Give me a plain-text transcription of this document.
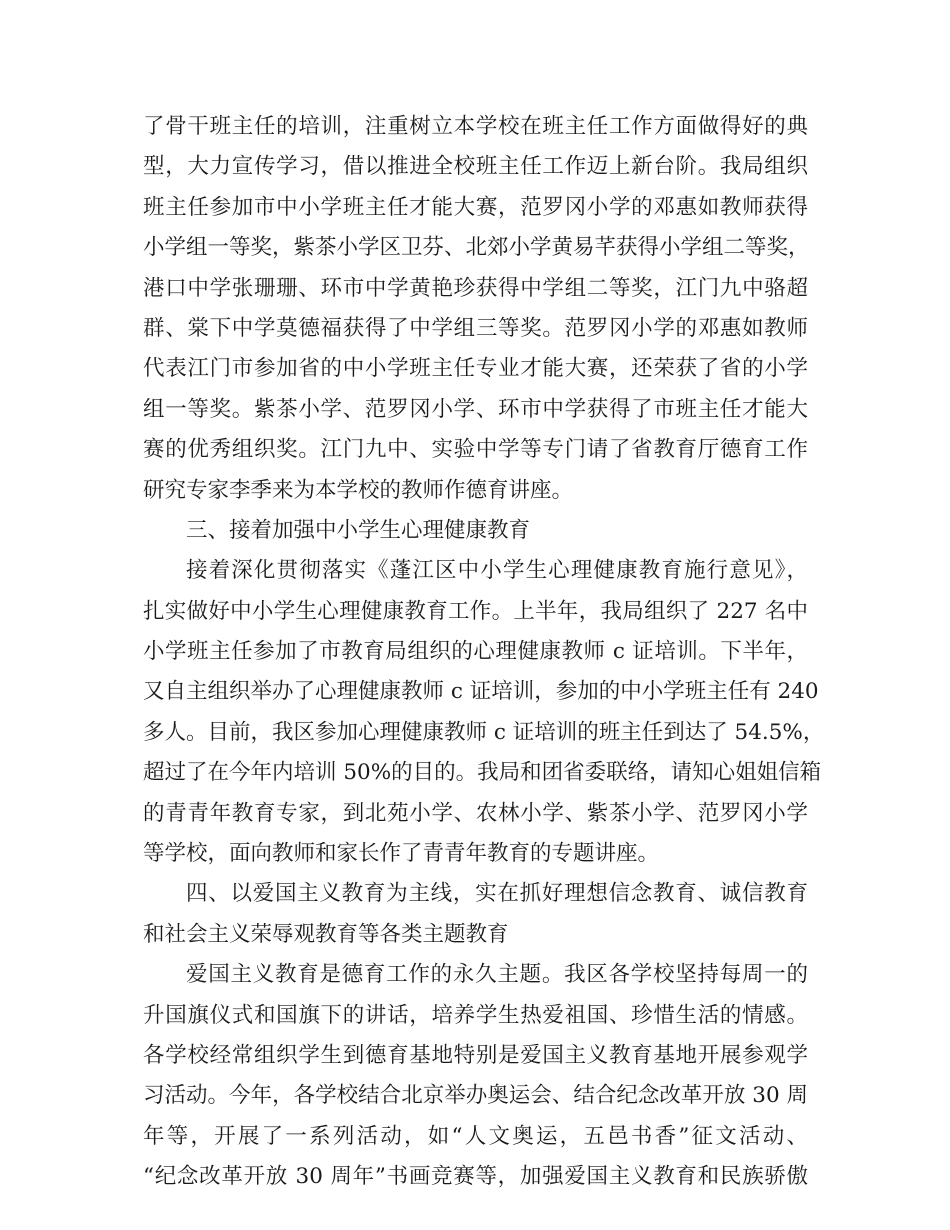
了骨干班主任的培训，注重树立本学校在班主任工作方面做得好的典
型，大力宣传学习，借以推进全校班主任工作迈上新台阶。我局组织
班主任参加市中小学班主任才能大赛，范罗冈小学的邓惠如教师获得
小学组一等奖，紫茶小学区卫芬、北郊小学黄易芊获得小学组二等奖，
港口中学张珊珊、环市中学黄艳珍获得中学组二等奖，江门九中骆超
群、棠下中学莫德福获得了中学组三等奖。范罗冈小学的邓惠如教师
代表江门市参加省的中小学班主任专业才能大赛，还荣获了省的小学
组一等奖。紫茶小学、范罗冈小学、环市中学获得了市班主任才能大
赛的优秀组织奖。江门九中、实验中学等专门请了省教育厅德育工作
研究专家李季来为本学校的教师作德育讲座。
三、接着加强中小学生心理健康教育
接着深化贯彻落实《蓬江区中小学生心理健康教育施行意见》，
扎实做好中小学生心理健康教育工作。上半年，我局组织了 227 名中
小学班主任参加了市教育局组织的心理健康教师 c 证培训。下半年，
又自主组织举办了心理健康教师 c 证培训，参加的中小学班主任有 240
多人。目前，我区参加心理健康教师 c 证培训的班主任到达了 54.5%，
超过了在今年内培训 50%的目的。我局和团省委联络，请知心姐姐信箱
的青青年教育专家，到北苑小学、农林小学、紫茶小学、范罗冈小学
等学校，面向教师和家长作了青青年教育的专题讲座。
四、以爱国主义教育为主线，实在抓好理想信念教育、诚信教育
和社会主义荣辱观教育等各类主题教育
爱国主义教育是德育工作的永久主题。我区各学校坚持每周一的
升国旗仪式和国旗下的讲话，培养学生热爱祖国、珍惜生活的情感。
各学校经常组织学生到德育基地特别是爱国主义教育基地开展参观学
习活动。今年，各学校结合北京举办奥运会、结合纪念改革开放 30 周
年等，开展了一系列活动，如“人文奥运，五邑书香”征文活动、
“纪念改革开放 30 周年”书画竞赛等，加强爱国主义教育和民族骄傲
